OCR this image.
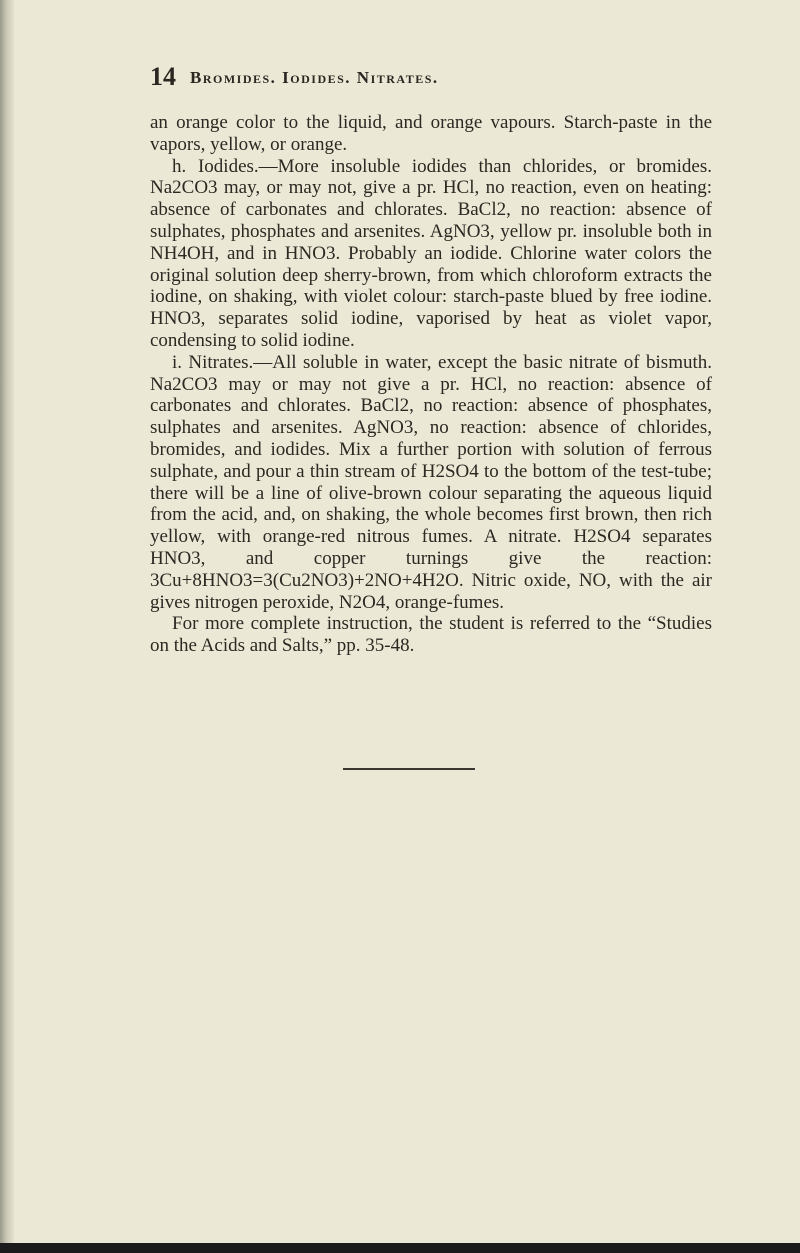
14 Bromides. Iodides. Nitrates.

an orange color to the liquid, and orange vapours. Starch-paste in the vapors, yellow, or orange.

h. Iodides.—More insoluble iodides than chlorides, or bromides. Na2CO3 may, or may not, give a pr. HCl, no reaction, even on heating: absence of carbonates and chlorates. BaCl2, no reaction: absence of sulphates, phosphates and arsenites. AgNO3, yellow pr. insoluble both in NH4OH, and in HNO3. Probably an iodide. Chlorine water colors the original solution deep sherry-brown, from which chloroform extracts the iodine, on shaking, with violet colour: starch-paste blued by free iodine. HNO3, separates solid iodine, vaporised by heat as violet vapor, condensing to solid iodine.

i. Nitrates.—All soluble in water, except the basic nitrate of bismuth. Na2CO3 may or may not give a pr. HCl, no reaction: absence of carbonates and chlorates. BaCl2, no reaction: absence of phosphates, sulphates and arsenites. AgNO3, no reaction: absence of chlorides, bromides, and iodides. Mix a further portion with solution of ferrous sulphate, and pour a thin stream of H2SO4 to the bottom of the test-tube; there will be a line of olive-brown colour separating the aqueous liquid from the acid, and, on shaking, the whole becomes first brown, then rich yellow, with orange-red nitrous fumes. A nitrate. H2SO4 separates HNO3, and copper turnings give the reaction: 3Cu+8HNO3=3(Cu2NO3)+2NO+4H2O. Nitric oxide, NO, with the air gives nitrogen peroxide, N2O4, orange-fumes.

For more complete instruction, the student is referred to the “Studies on the Acids and Salts,” pp. 35-48.
